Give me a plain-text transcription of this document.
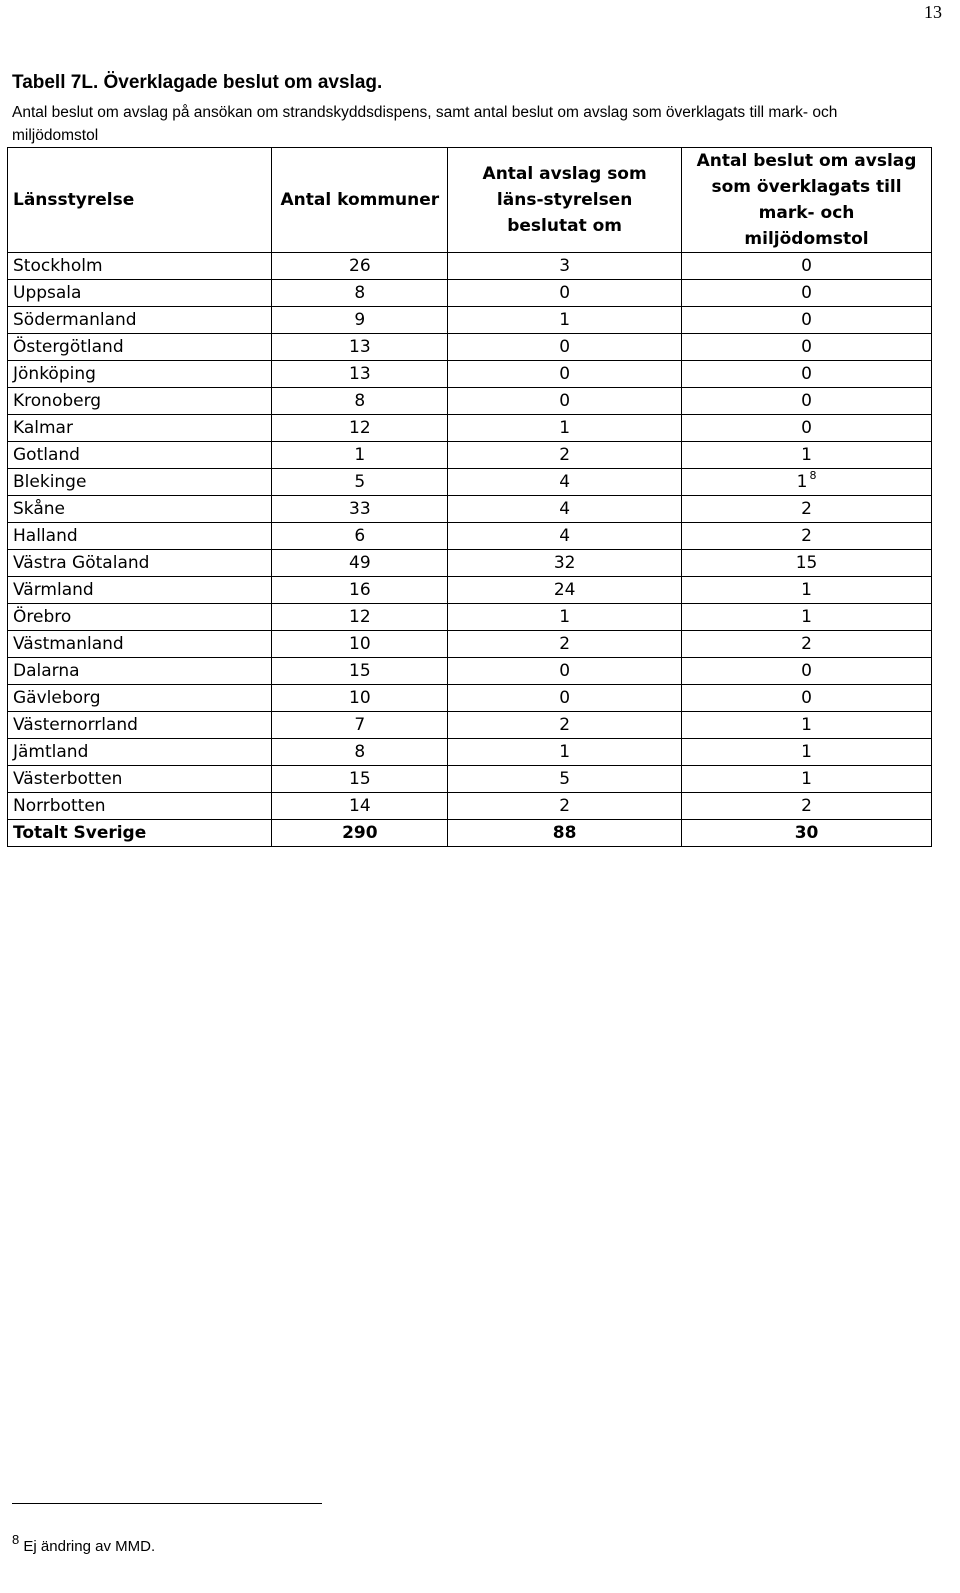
13
Tabell 7L. Överklagade beslut om avslag.

Antal beslut om avslag på ansökan om strandskyddsdispens, samt antal beslut om avslag som överklagats till mark- och miljödomstol

Länsstyrelse	Antal kommuner	Antal avslag som läns-styrelsen beslutat om	Antal beslut om avslag som överklagats till mark- och miljödomstol
Stockholm	26	3	0
Uppsala	8	0	0
Södermanland	9	1	0
Östergötland	13	0	0
Jönköping	13	0	0
Kronoberg	8	0	0
Kalmar	12	1	0
Gotland	1	2	1
Blekinge	5	4	1 $^8$
Skåne	33	4	2
Halland	6	4	2
Västra Götaland	49	32	15
Värmland	16	24	1
Örebro	12	1	1
Västmanland	10	2	2
Dalarna	15	0	0
Gävleborg	10	0	0
Västernorrland	7	2	1
Jämtland	8	1	1
Västerbotten	15	5	1
Norrbotten	14	2	2
Totalt Sverige	290	88	30
8 Ej ändring av MMD.
